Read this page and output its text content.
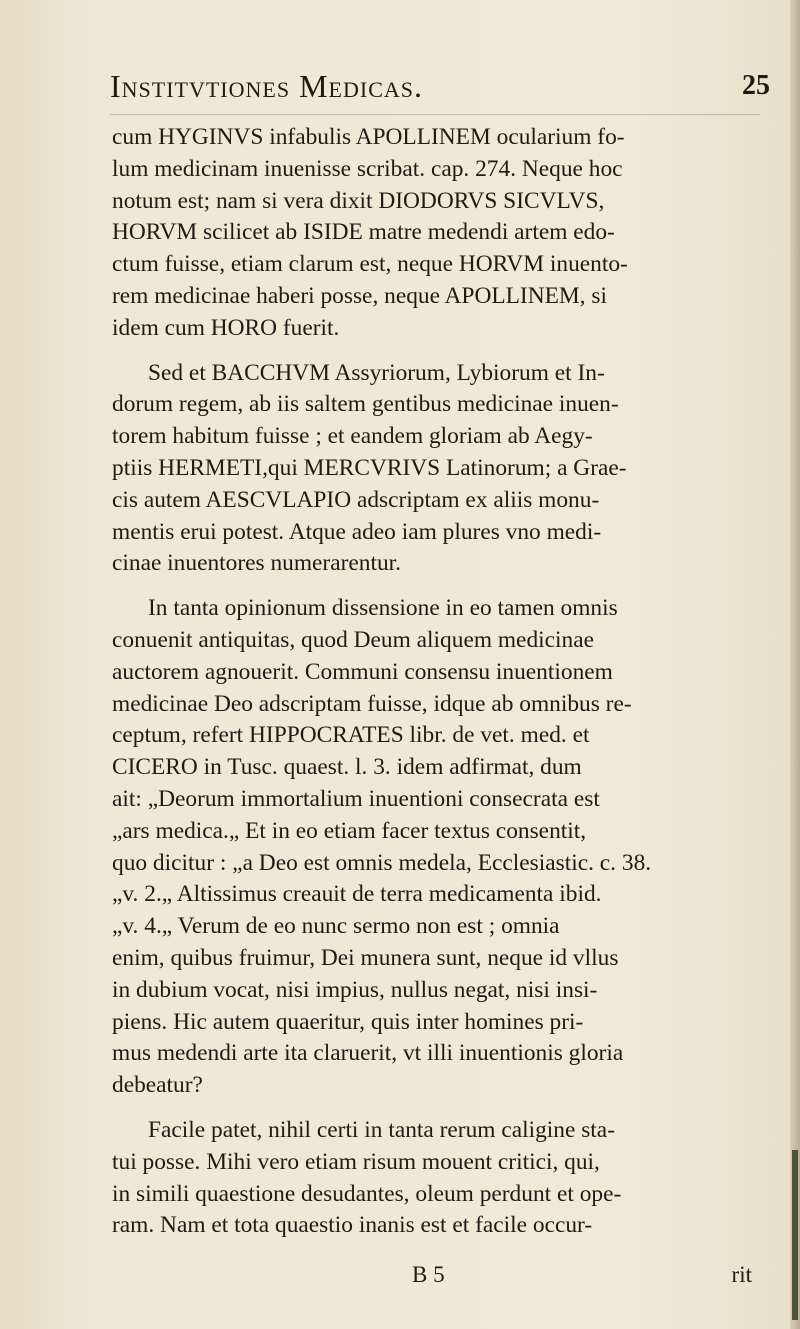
Institvtiones Medicas.	25
cum HYGINVS infabulis APOLLINEM ocularium fo-
lum medicinam inuenisse scribat. cap. 274. Neque hoc
notum est; nam si vera dixit DIODORVS SICVLVS,
HORVM scilicet ab ISIDE matre medendi artem edo-
ctum fuisse, etiam clarum est, neque HORVM inuento-
rem medicinae haberi posse, neque APOLLINEM, si
idem cum HORO fuerit.
Sed et BACCHVM Assyriorum, Lybiorum et In-
dorum regem, ab iis saltem gentibus medicinae inuen-
torem habitum fuisse ; et eandem gloriam ab Aegy-
ptiis HERMETI,qui MERCVRIVS Latinorum; a Grae-
cis autem AESCVLAPIO adscriptam ex aliis monu-
mentis erui potest. Atque adeo iam plures vno medi-
cinae inuentores numerarentur.
In tanta opinionum dissensione in eo tamen omnis
conuenit antiquitas, quod Deum aliquem medicinae
auctorem agnouerit. Communi consensu inuentionem
medicinae Deo adscriptam fuisse, idque ab omnibus re-
ceptum, refert HIPPOCRATES libr. de vet. med. et
CICERO in Tusc. quaest. l. 3. idem adfirmat, dum
ait: „Deorum immortalium inuentioni consecrata est
„ars medica.„ Et in eo etiam facer textus consentit,
quo dicitur : „a Deo est omnis medela, Ecclesiastic. c. 38.
„v. 2.„ Altissimus creauit de terra medicamenta ibid.
„v. 4.„ Verum de eo nunc sermo non est ; omnia
enim, quibus fruimur, Dei munera sunt, neque id vllus
in dubium vocat, nisi impius, nullus negat, nisi insi-
piens. Hic autem quaeritur, quis inter homines pri-
mus medendi arte ita claruerit, vt illi inuentionis gloria
debeatur?
Facile patet, nihil certi in tanta rerum caligine sta-
tui posse. Mihi vero etiam risum mouent critici, qui,
in simili quaestione desudantes, oleum perdunt et ope-
ram. Nam et tota quaestio inanis est et facile occur-
B 5	rit
